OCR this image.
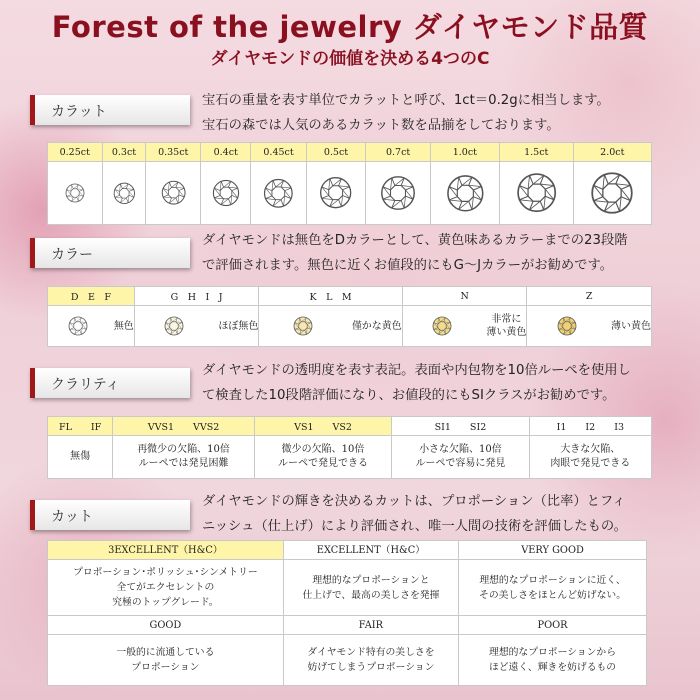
Forest of the jewelry ダイヤモンド品質
ダイヤモンドの価値を決める4つのC
カラット
宝石の重量を表す単位でカラットと呼び、1ct＝0.2gに相当します。
宝石の森では人気のあるカラット数を品揃をしております。
0.25ct	0.3ct	0.35ct	0.4ct	0.45ct	0.5ct	0.7ct	1.0ct	1.5ct	2.0ct

カラー
ダイヤモンドは無色をDカラーとして、黄色味あるカラーまでの23段階
で評価されます。無色に近くお値段的にもG〜Jカラーがお勧めです。
D　E　F	G　H　I　J	K　L　M	N	Z

無色	ほぼ無色	僅かな黄色	非常に
薄い黄色	薄い黄色
クラリティ
ダイヤモンドの透明度を表す表記。表面や内包物を10倍ルーペを使用し
て検査した10段階評価になり、お値段的にもSIクラスがお勧めです。
FL　　IF	VVS1　　VVS2	VS1　　VS2	SI1　　SI2	I1　　I2　　I3
無傷	再微少の欠陥、10倍
ルーペでは発見困難	微少の欠陥、10倍
ルーペで発見できる	小さな欠陥、10倍
ルーペで容易に発見	大きな欠陥、
肉眼で発見できる
カット
ダイヤモンドの輝きを決めるカットは、プロポーション（比率）とフィ
ニッシュ（仕上げ）により評価され、唯一人間の技術を評価したもの。
3EXCELLENT（H&C）	EXCELLENT（H&C）	VERY GOOD
プロポーション･ポリッシュ･シンメトリー
全てがエクセレントの
究極のトップグレード。	理想的なプロポーションと
仕上げで、最高の美しさを発揮	理想的なプロポーションに近く、
その美しさをほとんど妨げない。
GOOD	FAIR	POOR
一般的に流通している
プロポーション	ダイヤモンド特有の美しさを
妨げてしまうプロポーション	理想的なプロポーションから
ほど遠く、輝きを妨げるもの
